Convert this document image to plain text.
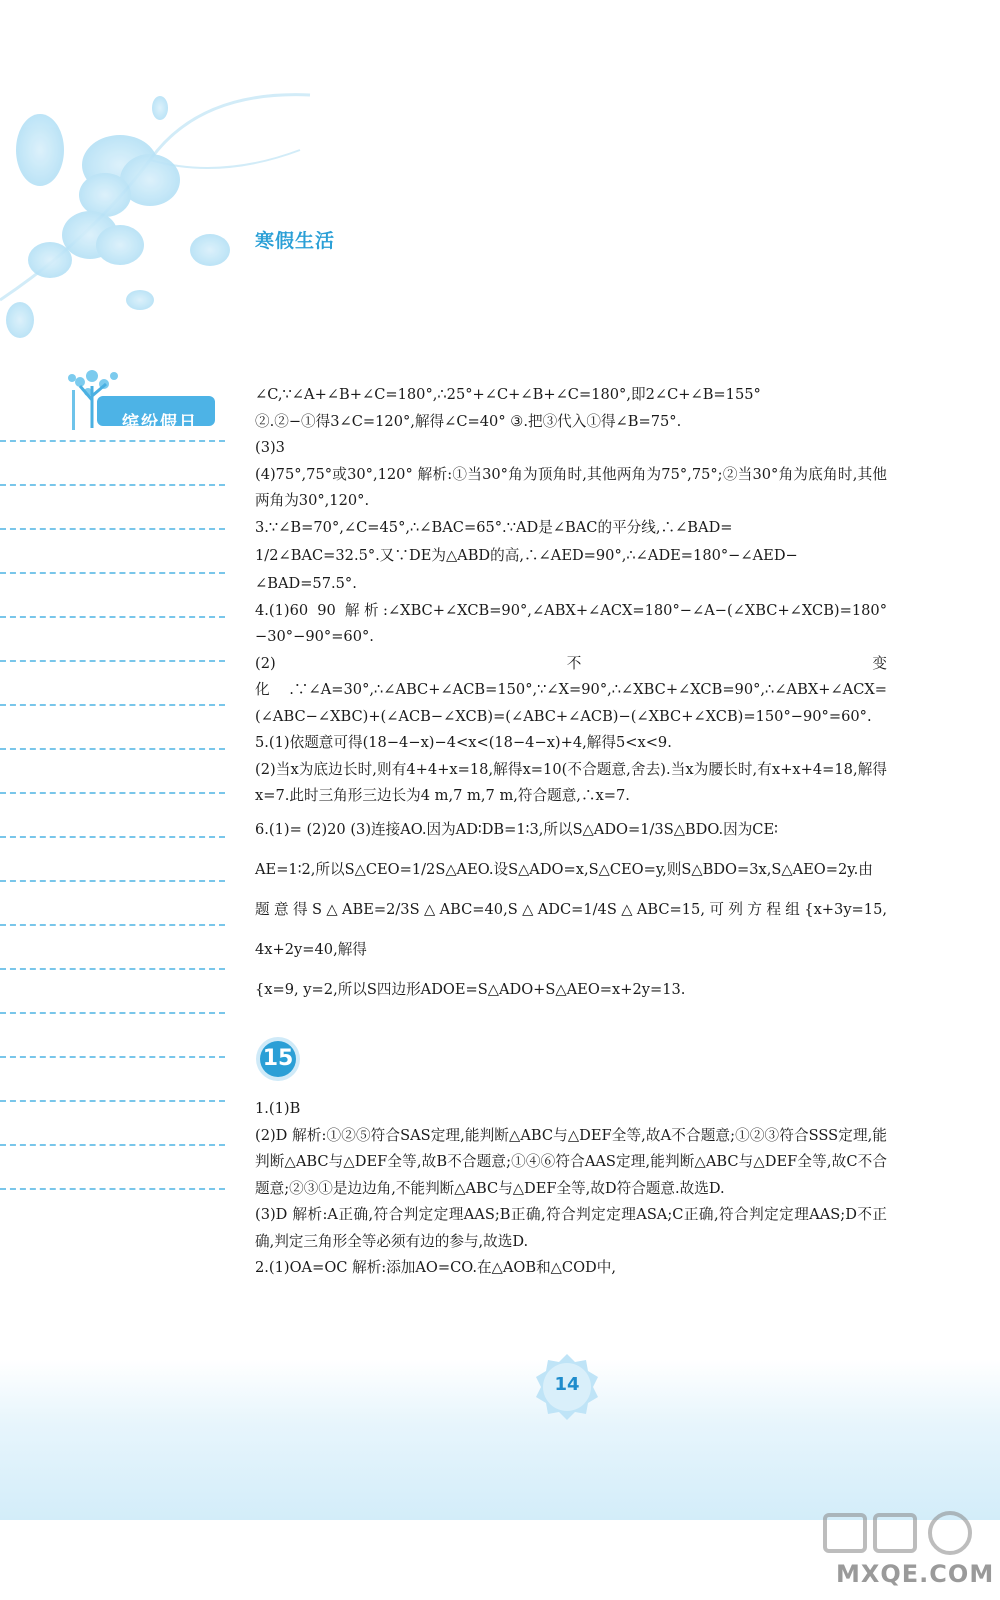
寒假生活
缤纷假日

∠C,∵∠A+∠B+∠C=180°,∴25°+∠C+∠B+∠C=180°,即2∠C+∠B=155°

②.②−①得3∠C=120°,解得∠C=40° ③.把③代入①得∠B=75°.

(3)3

(4)75°,75°或30°,120° 解析:①当30°角为顶角时,其他两角为75°,75°;②当30°角为底角时,其他两角为30°,120°.

3.∵∠B=70°,∠C=45°,∴∠BAC=65°.∵AD是∠BAC的平分线,∴∠BAD=

1/2∠BAC=32.5°.又∵DE为△ABD的高,∴∠AED=90°,∴∠ADE=180°−∠AED−

∠BAD=57.5°.

4.(1)60 90 解析:∠XBC+∠XCB=90°,∠ABX+∠ACX=180°−∠A−(∠XBC+∠XCB)=180°−30°−90°=60°.

(2)不变化.∵∠A=30°,∴∠ABC+∠ACB=150°,∵∠X=90°,∴∠XBC+∠XCB=90°,∴∠ABX+∠ACX=(∠ABC−∠XBC)+(∠ACB−∠XCB)=(∠ABC+∠ACB)−(∠XBC+∠XCB)=150°−90°=60°.

5.(1)依题意可得(18−4−x)−4<x<(18−4−x)+4,解得5<x<9.

(2)当x为底边长时,则有4+4+x=18,解得x=10(不合题意,舍去).当x为腰长时,有x+x+4=18,解得x=7.此时三角形三边长为4 m,7 m,7 m,符合题意,∴x=7.

6.(1)= (2)20 (3)连接AO.因为AD∶DB=1∶3,所以S△ADO=1/3S△BDO.因为CE∶

AE=1∶2,所以S△CEO=1/2S△AEO.设S△ADO=x,S△CEO=y,则S△BDO=3x,S△AEO=2y.由

题意得S△ABE=2/3S△ABC=40,S△ADC=1/4S△ABC=15,可列方程组{x+3y=15, 4x+2y=40,解得

{x=9, y=2,所以S四边形ADOE=S△ADO+S△AEO=x+2y=13.

15

1.(1)B

(2)D 解析:①②⑤符合SAS定理,能判断△ABC与△DEF全等,故A不合题意;①②③符合SSS定理,能判断△ABC与△DEF全等,故B不合题意;①④⑥符合AAS定理,能判断△ABC与△DEF全等,故C不合题意;②③①是边边角,不能判断△ABC与△DEF全等,故D符合题意.故选D.

(3)D 解析:A正确,符合判定定理AAS;B正确,符合判定定理ASA;C正确,符合判定定理AAS;D不正确,判定三角形全等必须有边的参与,故选D.

2.(1)OA=OC 解析:添加AO=CO.在△AOB和△COD中,

14
MXQE.COM
